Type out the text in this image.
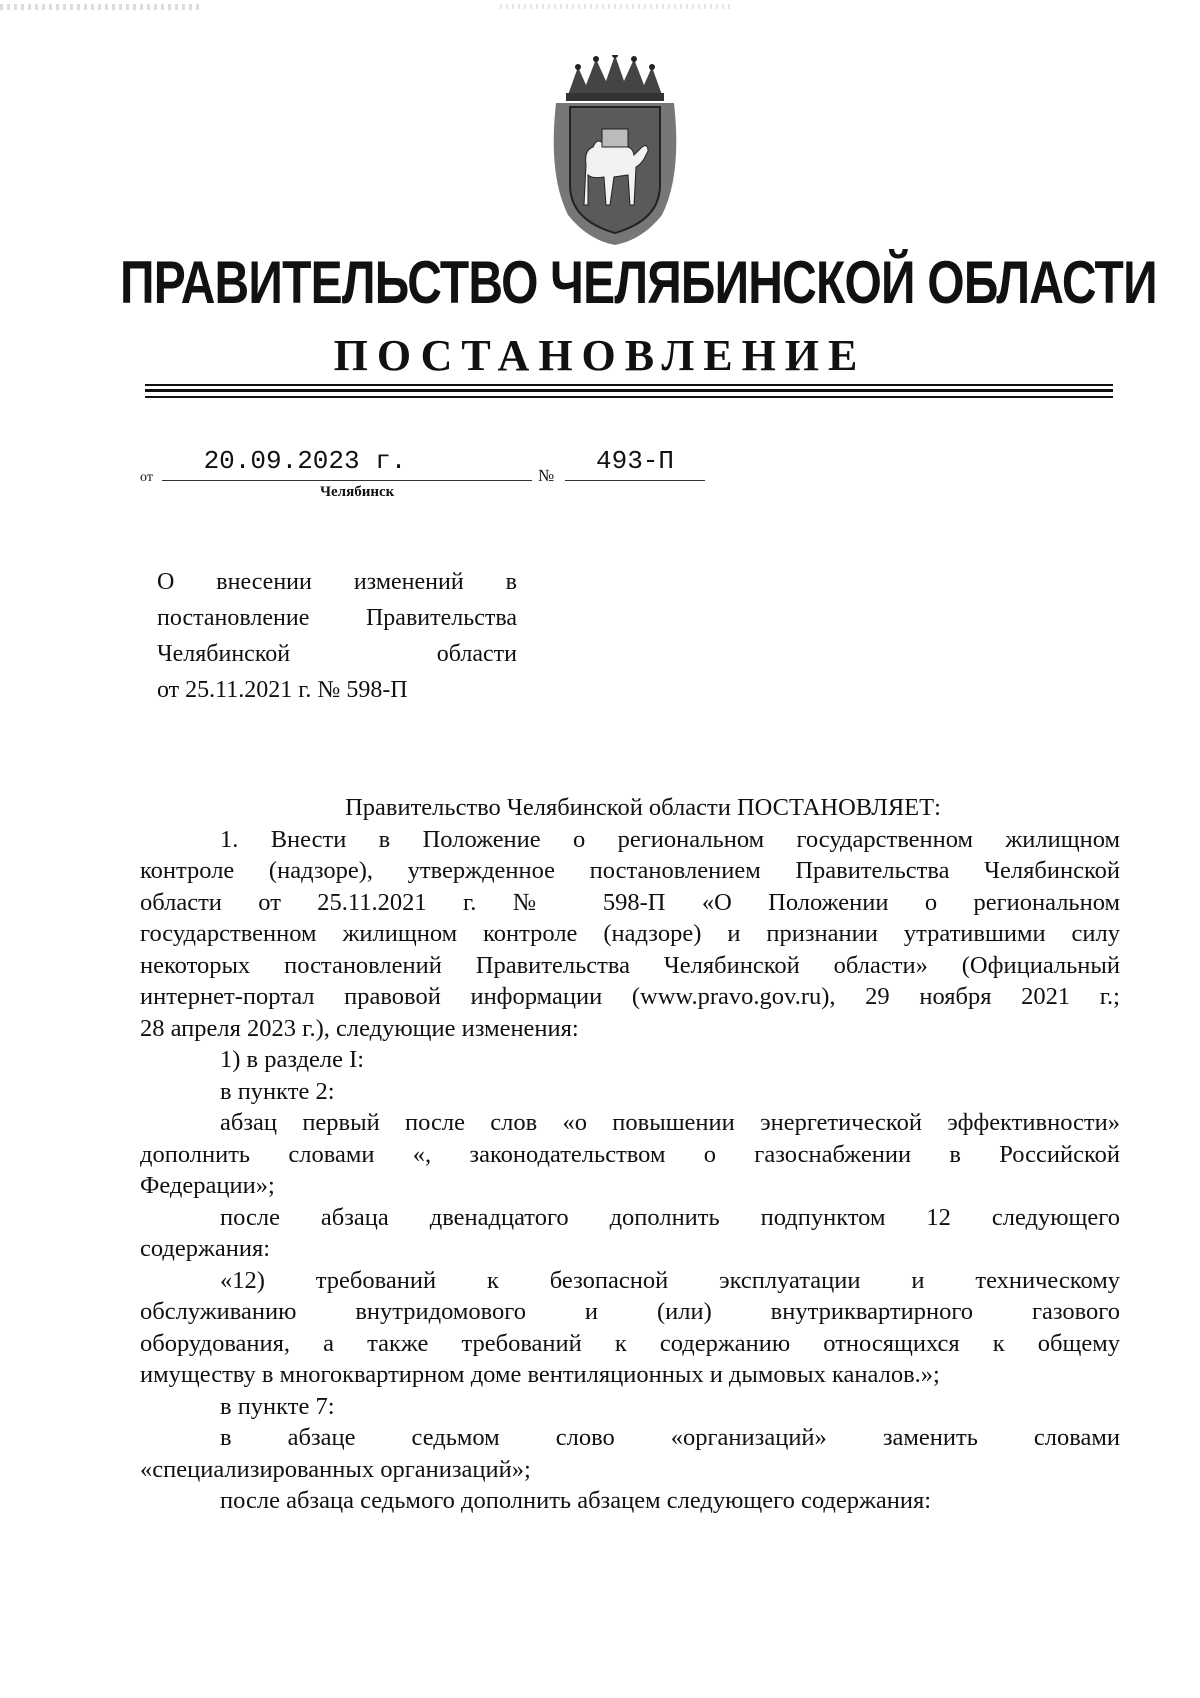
ПРАВИТЕЛЬСТВО ЧЕЛЯБИНСКОЙ ОБЛАСТИ
ПОСТАНОВЛЕНИЕ
от
20.09.2023 г.	№	493-П
Челябинск
О внесении изменений в
постановление Правительства
Челябинской области
от 25.11.2021 г. № 598-П

Правительство Челябинской области ПОСТАНОВЛЯЕТ:

1. Внести в Положение о региональном государственном жилищном

контроле (надзоре), утвержденное постановлением Правительства Челябинской

области от 25.11.2021 г. № 598-П «О Положении о региональном

государственном жилищном контроле (надзоре) и признании утратившими силу

некоторых постановлений Правительства Челябинской области» (Официальный

интернет-портал правовой информации (www.pravo.gov.ru), 29 ноября 2021 г.;

28 апреля 2023 г.), следующие изменения:

1) в разделе I:

в пункте 2:

абзац первый после слов «о повышении энергетической эффективности»

дополнить словами «, законодательством о газоснабжении в Российской

Федерации»;

после абзаца двенадцатого дополнить подпунктом 12 следующего

содержания:

«12) требований к безопасной эксплуатации и техническому

обслуживанию внутридомового и (или) внутриквартирного газового

оборудования, а также требований к содержанию относящихся к общему

имуществу в многоквартирном доме вентиляционных и дымовых каналов.»;

в пункте 7:

в абзаце седьмом слово «организаций» заменить словами

«специализированных организаций»;

после абзаца седьмого дополнить абзацем следующего содержания:
